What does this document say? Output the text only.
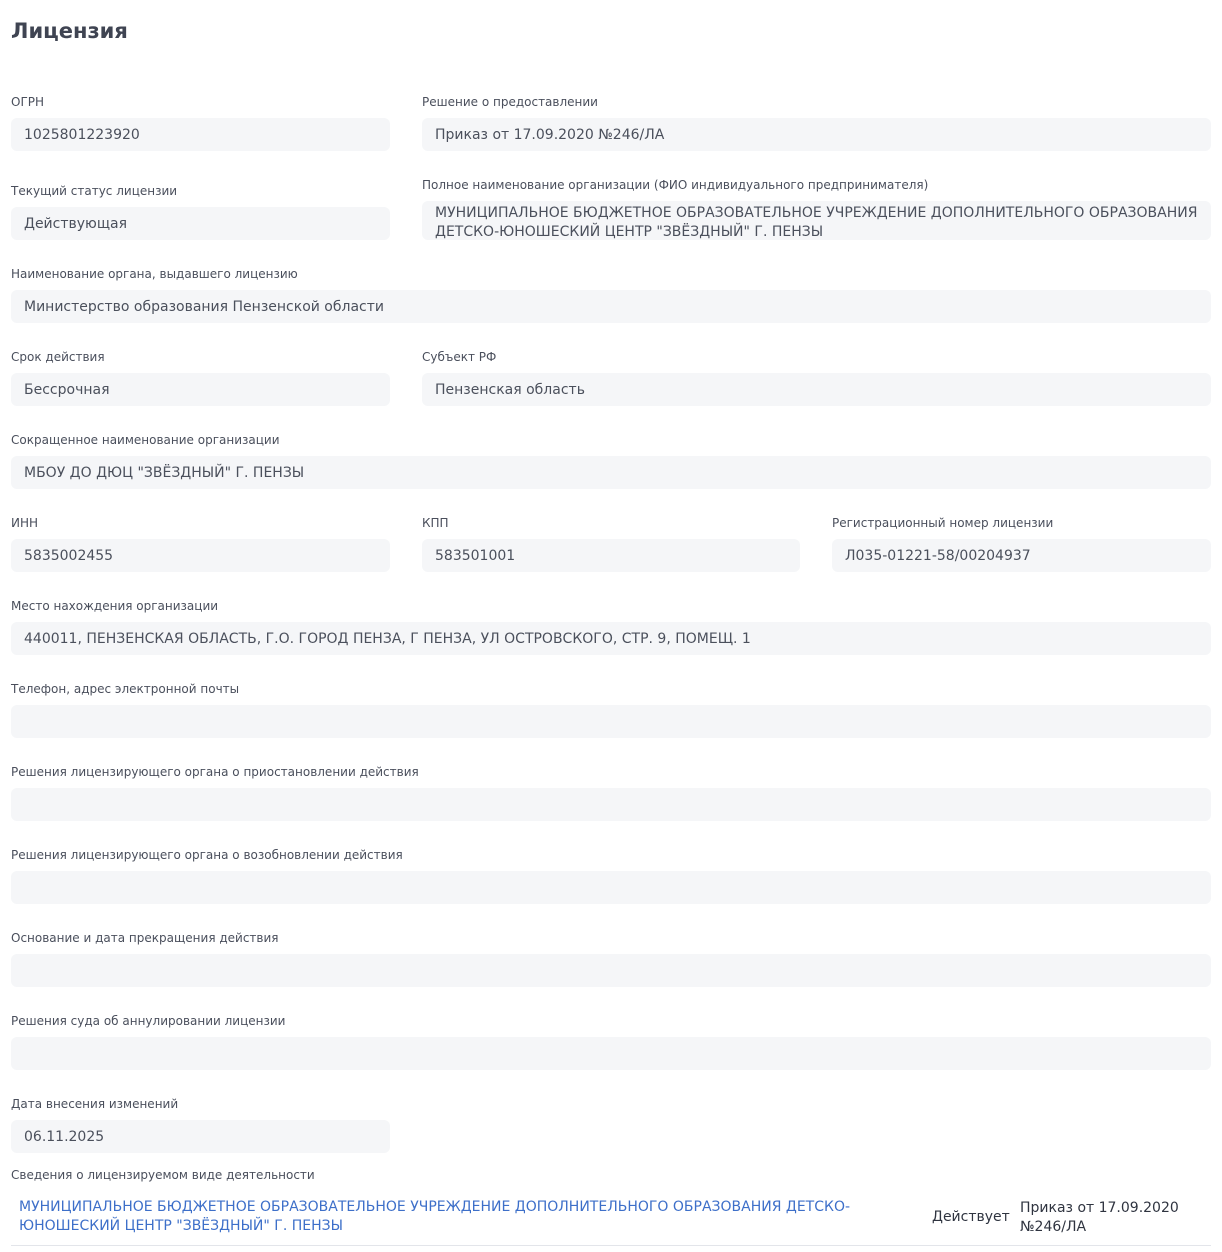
Лицензия
ОГРН
1025801223920
Решение о предоставлении
Приказ от 17.09.2020 №246/ЛА
Текущий статус лицензии
Действующая
Полное наименование организации (ФИО индивидуального предпринимателя)
МУНИЦИПАЛЬНОЕ БЮДЖЕТНОЕ ОБРАЗОВАТЕЛЬНОЕ УЧРЕЖДЕНИЕ ДОПОЛНИТЕЛЬНОГО ОБРАЗОВАНИЯ ДЕТСКО-ЮНОШЕСКИЙ ЦЕНТР "ЗВЁЗДНЫЙ" Г. ПЕНЗЫ
Наименование органа, выдавшего лицензию
Министерство образования Пензенской области
Срок действия
Бессрочная
Субъект РФ
Пензенская область
Сокращенное наименование организации
МБОУ ДО ДЮЦ "ЗВЁЗДНЫЙ" Г. ПЕНЗЫ
ИНН
5835002455
КПП
583501001
Регистрационный номер лицензии
Л035-01221-58/00204937
Место нахождения организации
440011, ПЕНЗЕНСКАЯ ОБЛАСТЬ, Г.О. ГОРОД ПЕНЗА, Г ПЕНЗА, УЛ ОСТРОВСКОГО, СТР. 9, ПОМЕЩ. 1
Телефон, адрес электронной почты
Решения лицензирующего органа о приостановлении действия
Решения лицензирующего органа о возобновлении действия
Основание и дата прекращения действия
Решения суда об аннулировании лицензии
Дата внесения изменений
06.11.2025
Сведения о лицензируемом виде деятельности
МУНИЦИПАЛЬНОЕ БЮДЖЕТНОЕ ОБРАЗОВАТЕЛЬНОЕ УЧРЕЖДЕНИЕ ДОПОЛНИТЕЛЬНОГО ОБРАЗОВАНИЯ ДЕТСКО-ЮНОШЕСКИЙ ЦЕНТР "ЗВЁЗДНЫЙ" Г. ПЕНЗЫ
Действует
Приказ от 17.09.2020 №246/ЛА
